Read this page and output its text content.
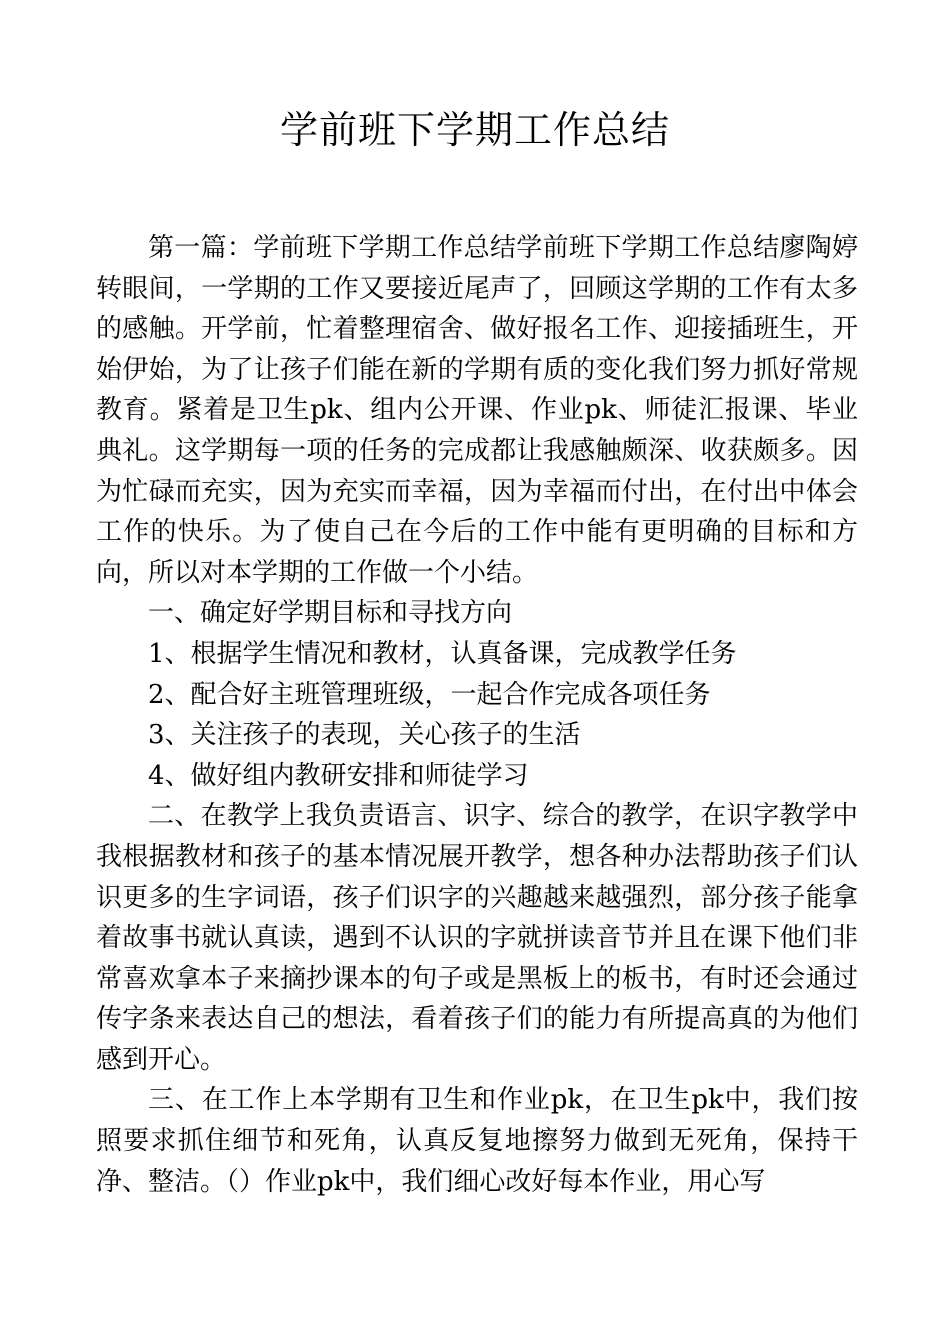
学前班下学期工作总结

第一篇：学前班下学期工作总结学前班下学期工作总结廖陶婷转眼间，一学期的工作又要接近尾声了，回顾这学期的工作有太多的感触。开学前，忙着整理宿舍、做好报名工作、迎接插班生，开始伊始，为了让孩子们能在新的学期有质的变化我们努力抓好常规教育。紧着是卫生pk、组内公开课、作业pk、师徒汇报课、毕业典礼。这学期每一项的任务的完成都让我感触颇深、收获颇多。因为忙碌而充实，因为充实而幸福，因为幸福而付出，在付出中体会工作的快乐。为了使自己在今后的工作中能有更明确的目标和方向，所以对本学期的工作做一个小结。

一、确定好学期目标和寻找方向

1、根据学生情况和教材，认真备课，完成教学任务

2、配合好主班管理班级，一起合作完成各项任务

3、关注孩子的表现，关心孩子的生活

4、做好组内教研安排和师徒学习

二、在教学上我负责语言、识字、综合的教学，在识字教学中我根据教材和孩子的基本情况展开教学，想各种办法帮助孩子们认识更多的生字词语，孩子们识字的兴趣越来越强烈，部分孩子能拿着故事书就认真读，遇到不认识的字就拼读音节并且在课下他们非常喜欢拿本子来摘抄课本的句子或是黑板上的板书，有时还会通过传字条来表达自己的想法，看着孩子们的能力有所提高真的为他们感到开心。

三、在工作上本学期有卫生和作业pk，在卫生pk中，我们按照要求抓住细节和死角，认真反复地擦努力做到无死角，保持干净、整洁。（）作业pk中，我们细心改好每本作业，用心写
